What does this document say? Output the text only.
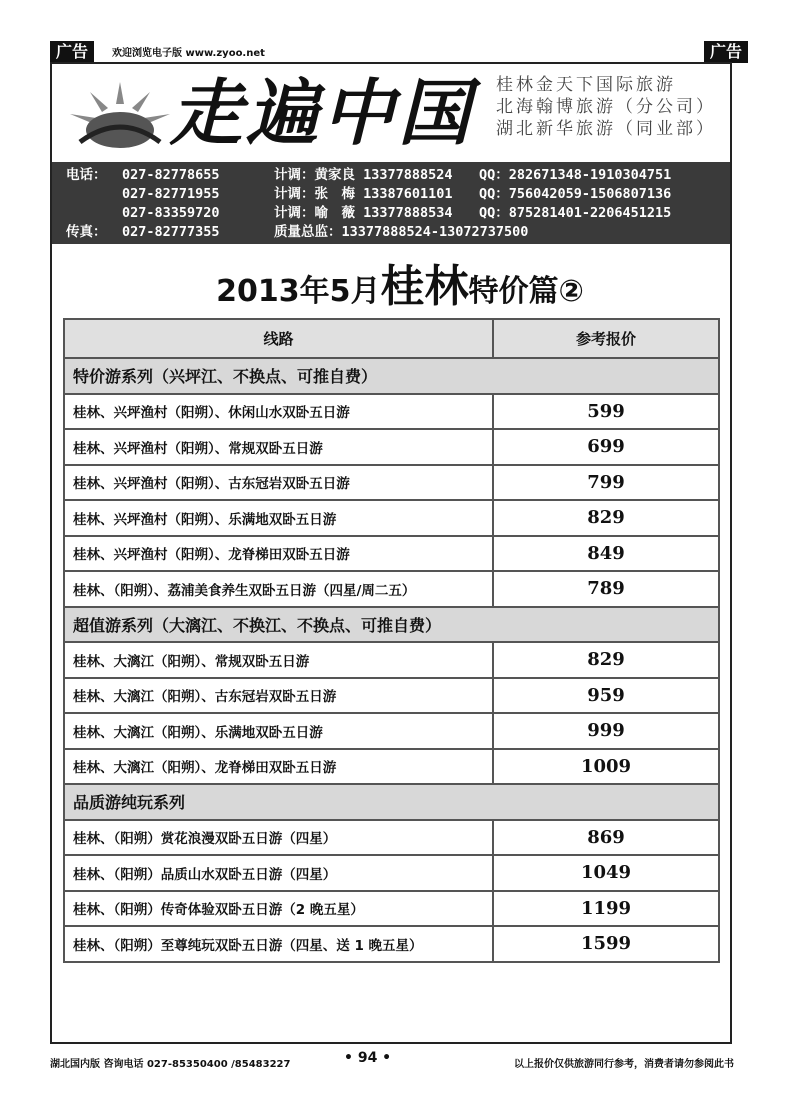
广告	欢迎浏览电子版 www.zyoo.net	广告
走遍中国 桂林金天下国际旅游
北海翰博旅游（分公司）
湖北新华旅游（同业部）
电话： 027-82778655	计调：黄家良 13377888524 QQ：282671348-1910304751
027-82771955	计调：张　梅 13387601101 QQ：756042059-1506807136
027-83359720	计调：喻　薇 13377888534 QQ：875281401-2206451215
传真： 027-82777355	质量总监：13377888524-13072737500
2013年5月桂林特价篇②
线路	参考报价
特价游系列（兴坪江、不换点、可推自费）	
桂林、兴坪渔村（阳朔）、休闲山水双卧五日游	599
桂林、兴坪渔村（阳朔）、常规双卧五日游	699
桂林、兴坪渔村（阳朔）、古东冠岩双卧五日游	799
桂林、兴坪渔村（阳朔）、乐满地双卧五日游	829
桂林、兴坪渔村（阳朔）、龙脊梯田双卧五日游	849
桂林、（阳朔）、荔浦美食养生双卧五日游（四星/周二五）	789
超值游系列（大漓江、不换江、不换点、可推自费）	
桂林、大漓江（阳朔）、常规双卧五日游	829
桂林、大漓江（阳朔）、古东冠岩双卧五日游	959
桂林、大漓江（阳朔）、乐满地双卧五日游	999
桂林、大漓江（阳朔）、龙脊梯田双卧五日游	1009
品质游纯玩系列	
桂林、（阳朔）赏花浪漫双卧五日游（四星）	869
桂林、（阳朔）品质山水双卧五日游（四星）	1049
桂林、（阳朔）传奇体验双卧五日游（2 晚五星）	1199
桂林、（阳朔）至尊纯玩双卧五日游（四星、送 1 晚五星）	1599
湖北国内版 咨询电话 027-85350400 /85483227	• 94 •	以上报价仅供旅游同行参考，消费者请勿参阅此书
